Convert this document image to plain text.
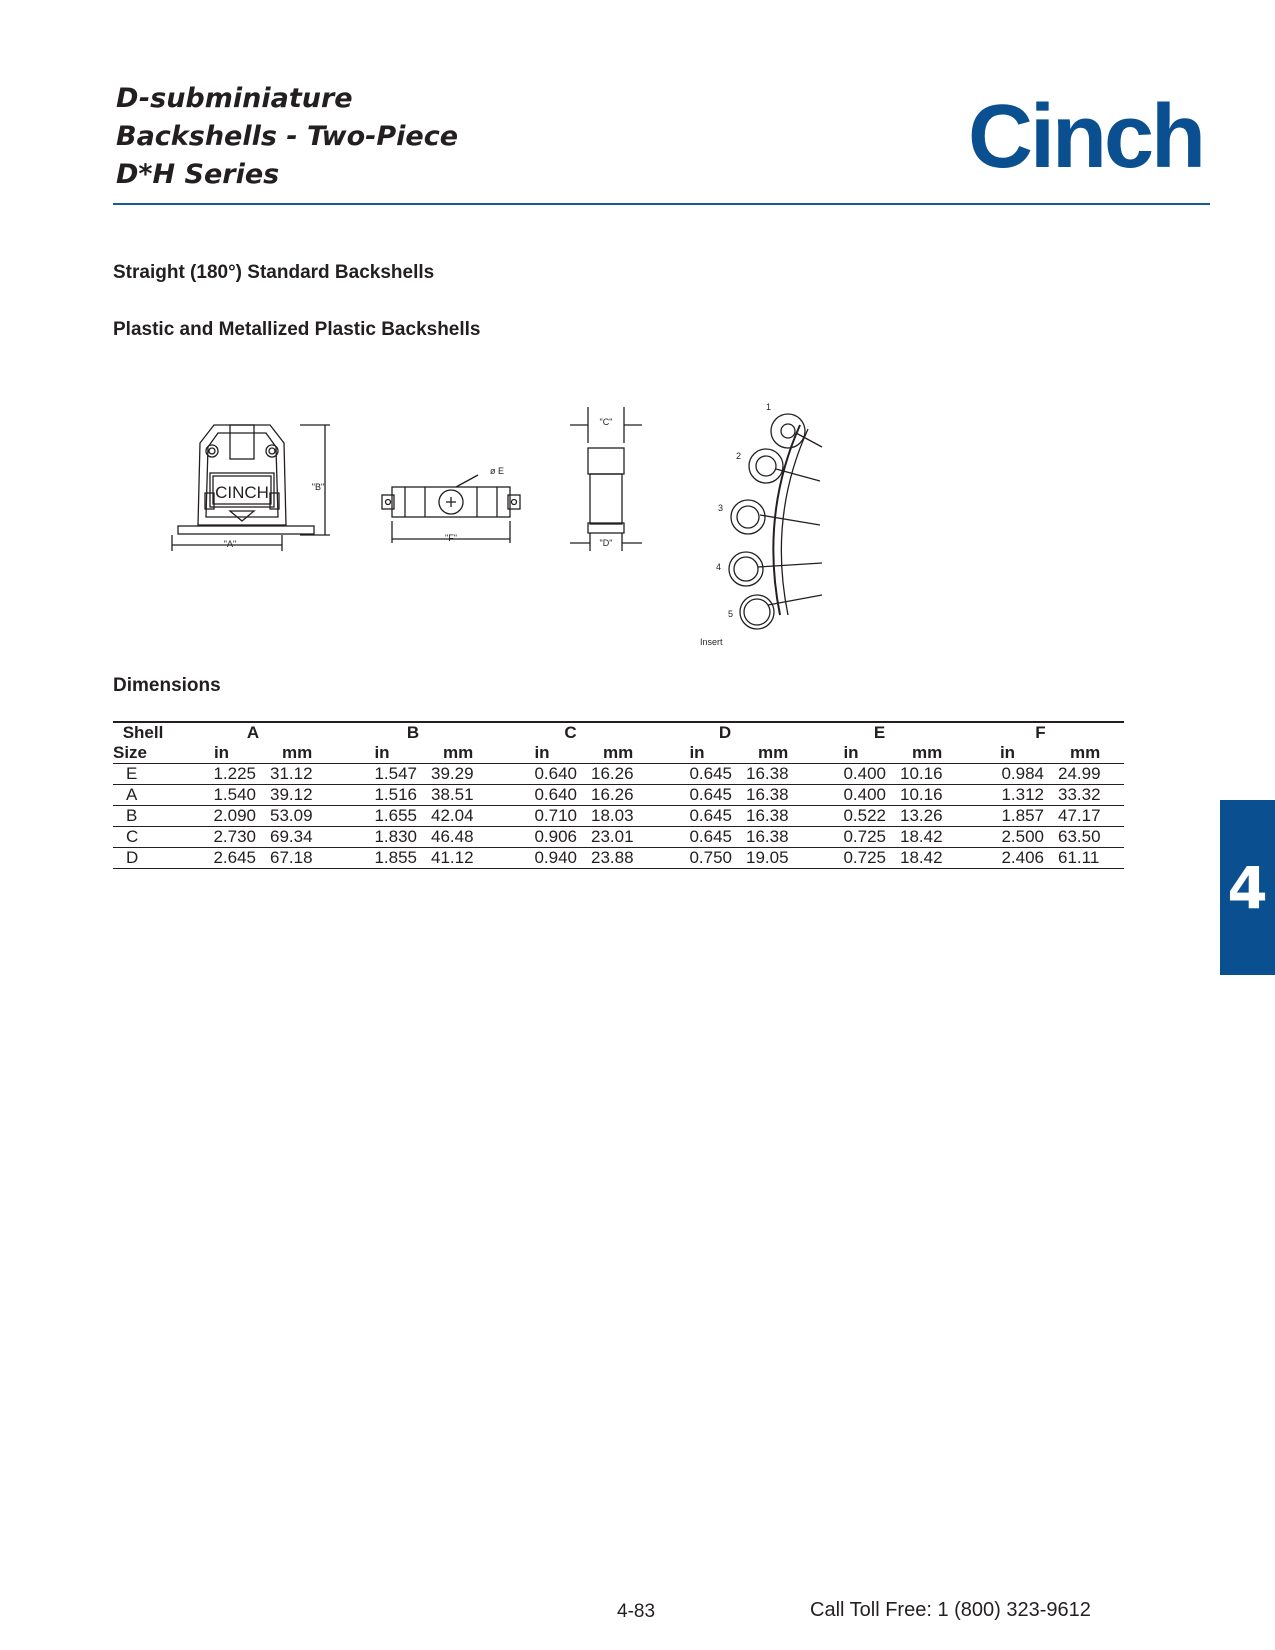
D-subminiature
Backshells - Two-Piece
D*H Series	Cinch
Straight (180°) Standard Backshells
Plastic and Metallized Plastic Backshells
CINCH
"A"
"B"
ø E
"F"
"C"
"D"
1
2
3
4
5
Insert
Dimensions
Shell	A		B		C		D		E		F	
Size	in	mm	in	mm	in	mm	in	mm	in	mm	in	mm
E	1.225	31.12	1.547	39.29	0.640	16.26	0.645	16.38	0.400	10.16	0.984	24.99
A	1.540	39.12	1.516	38.51	0.640	16.26	0.645	16.38	0.400	10.16	1.312	33.32
B	2.090	53.09	1.655	42.04	0.710	18.03	0.645	16.38	0.522	13.26	1.857	47.17
C	2.730	69.34	1.830	46.48	0.906	23.01	0.645	16.38	0.725	18.42	2.500	63.50
D	2.645	67.18	1.855	41.12	0.940	23.88	0.750	19.05	0.725	18.42	2.406	61.11 4
4-83	Call Toll Free: 1 (800) 323-9612
